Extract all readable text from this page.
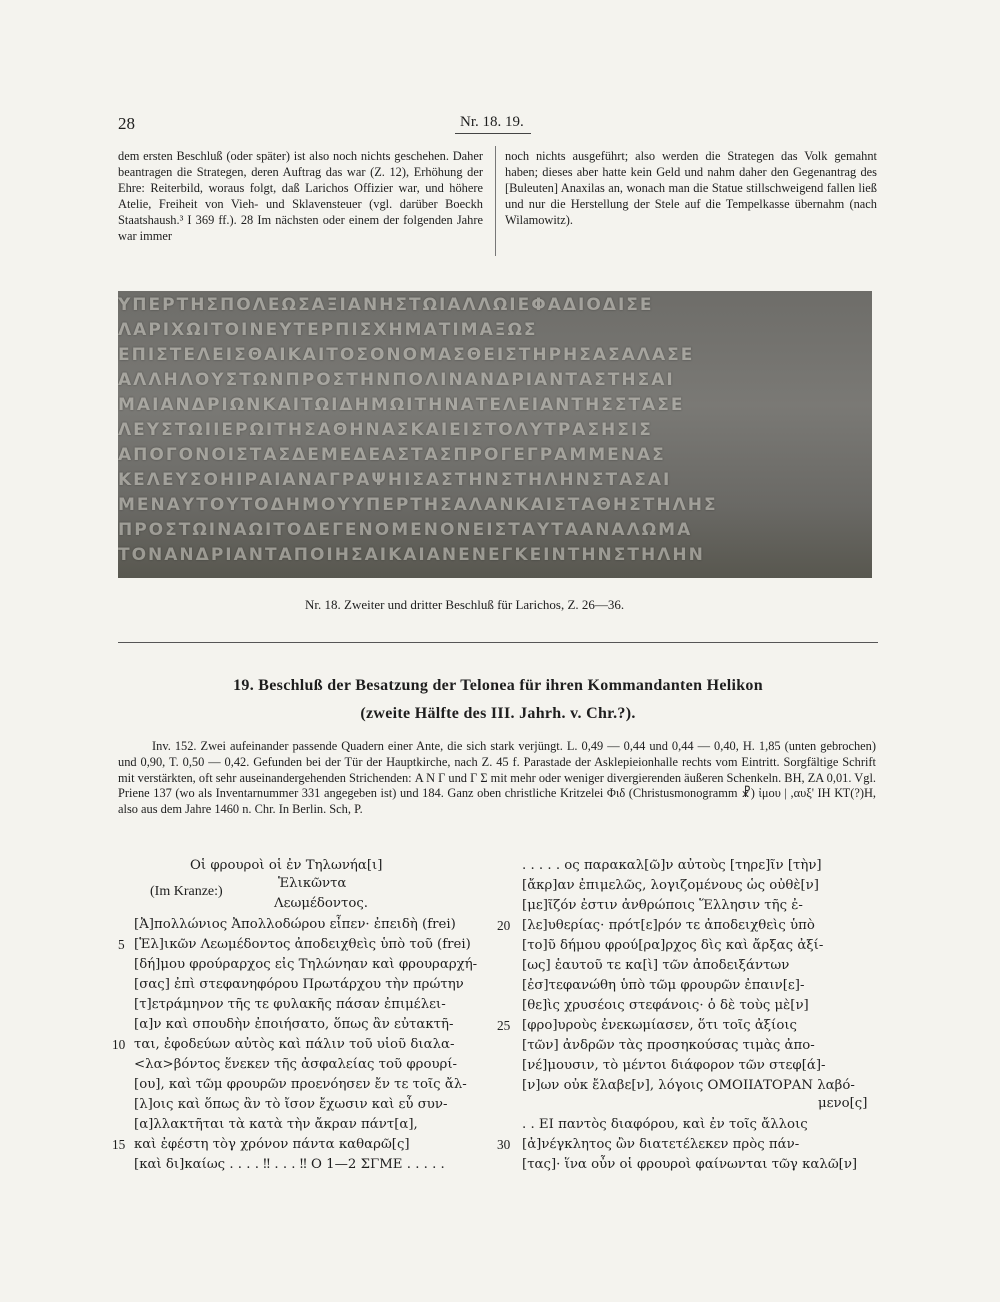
28	Nr. 18. 19.

dem ersten Beschluß (oder später) ist also noch nichts geschehen. Daher beantragen die Strategen, deren Auftrag das war (Z. 12), Erhöhung der Ehre: Reiterbild, woraus folgt, daß Larichos Offizier war, und höhere Atelie, Freiheit von Vieh- und Sklavensteuer (vgl. darüber Boeckh Staatshaush.³ I 369 ff.). 28 Im nächsten oder einem der folgenden Jahre war immer

noch nichts ausgeführt; also werden die Strategen das Volk gemahnt haben; dieses aber hatte kein Geld und nahm daher den Gegenantrag des [Buleuten] Anaxilas an, wonach man die Statue stillschweigend fallen ließ und nur die Herstellung der Stele auf die Tempelkasse übernahm (nach Wilamowitz).

ΥΠΕΡΤΗΣΠΟΛΕΩΣΑΞΙΑΝΗΣΤΩΙΑΛΛΩΙΕΦΑΔΙΟΔΙΣΕ
ΛΑΡΙΧΩΙΤΟΙΝΕΥΤΕΡΠΙΣΧΗΜΑΤΙΜΑΞΩΣ
ΕΠΙΣΤΕΛΕΙΣΘΑΙΚΑΙΤΟΣΟΝΟΜΑΣΘΕΙΣΤΗΡΗΣΑΣΑΛΑΣΕ
ΑΛΛΗΛΟΥΣΤΩΝΠΡΟΣΤΗΝΠΟΛΙΝΑΝΔΡΙΑΝΤΑΣΤΗΣΑΙ
ΜΑΙΑΝΔΡΙΩΝΚΑΙΤΩΙΔΗΜΩΙΤΗΝΑΤΕΛΕΙΑΝΤΗΣΣΤΑΣΕ
ΛΕΥΣΤΩΙΙΕΡΩΙΤΗΣΑΘΗΝΑΣΚΑΙΕΙΣΤΟΛΥΤΡΑΣΗΣΙΣ
ΑΠΟΓΟΝΟΙΣΤΑΣΔΕΜΕΔΕΑΣΤΑΣΠΡΟΓΕΓΡΑΜΜΕΝΑΣ
ΚΕΛΕΥΣΟΗΙΡΑΙΑΝΑΓΡΑΨΗΙΣΑΣΤΗΝΣΤΗΛΗΝΣΤΑΣΑΙ
ΜΕΝΑΥΤΟΥΤΟΔΗΜΟΥΥΠΕΡΤΗΣΑΛΑΝΚΑΙΣΤΑΘΗΣΤΗΛΗΣ
ΠΡΟΣΤΩΙΝΑΩΙΤΟΔΕΓΕΝΟΜΕΝΟΝΕΙΣΤΑΥΤΑΑΝΑΛΩΜΑ
ΤΟΝΑΝΔΡΙΑΝΤΑΠΟΙΗΣΑΙΚΑΙΑΝΕΝΕΓΚΕΙΝΤΗΝΣΤΗΛΗΝ
Nr. 18. Zweiter und dritter Beschluß für Larichos, Z. 26—36.
19. Beschluß der Besatzung der Telonea für ihren Kommandanten Helikon
(zweite Hälfte des III. Jahrh. v. Chr.?).

Inv. 152. Zwei aufeinander passende Quadern einer Ante, die sich stark verjüngt. L. 0,49 — 0,44 und 0,44 — 0,40, H. 1,85 (unten gebrochen) und 0,90, T. 0,50 — 0,42. Gefunden bei der Tür der Hauptkirche, nach Z. 45 f. Parastade der Asklepieionhalle rechts vom Eintritt. Sorgfältige Schrift mit verstärkten, oft sehr auseinandergehenden Strichenden: Α Ν Γ und Γ Σ mit mehr oder weniger divergierenden äußeren Schenkeln. BH, ZA 0,01. Vgl. Priene 137 (wo als Inventarnummer 331 angegeben ist) und 184. Ganz oben christliche Kritzelei Φιδ (Christusmonogramm ☧) ἰμου | ,αυξ' ΙΗ ΚΤ(?)Η, also aus dem Jahre 1460 n. Chr. In Berlin. Sch, P.

Οἱ φρουροὶ οἱ ἐν Τηλωνήα[ι]
(Im Kranze:)
Ἑλικῶντα
Λεωμέδοντος.
[Ἀ]πολλώνιος Ἀπολλοδώρου εἶπεν· ἐπειδὴ (frei)
[Ἑλ]ικῶν Λεωμέδοντος ἀποδειχθεὶς ὑπὸ τοῦ (frei)
[δή]μου φρούραρχος εἰς Τηλώνηαν καὶ φρουραρχή-
[σας] ἐπὶ στεφανηφόρου Πρωτάρχου τὴν πρώτην
[τ]ετράμηνον τῆς τε φυλακῆς πάσαν ἐπιμέλει-
[α]ν καὶ σπουδὴν ἐποιήσατο, ὅπως ἂν εὐτακτῆ-
ται, ἐφοδεύων αὐτὸς καὶ πάλιν τοῦ υἱοῦ διαλα-
<λα>βόντος ἕνεκεν τῆς ἀσφαλείας τοῦ φρουρί-
[ου], καὶ τῶμ φρουρῶν προενόησεν ἔν τε τοῖς ἄλ-
[λ]οις καὶ ὅπως ἂν τὸ ἴσον ἔχωσιν καὶ εὖ συν-
[α]λλακτῆται τὰ κατὰ τὴν ἄκραν πάντ[α],
καὶ ἐφέστη τὸγ χρόνον πάντα καθαρῶ[ς]
[καὶ δι]καίως . . . . ‼ . . . ‼ Ο 1—2 ΣΓΜΕ . . . . .
5
10
15
. . . . . ος παρακαλ[ῶ]ν αὐτοὺς [τηρε]ῖν [τὴν]
[ἄκρ]αν ἐπιμελῶς, λογιζομένους ὡς οὐθὲ[ν]
[με]ῖζόν ἐστιν ἀνθρώποις Ἕλλησιν τῆς ἐ-
[λε]υθερίας· πρότ[ε]ρόν τε ἀποδειχθεὶς ὑπὸ
[το]ῦ δήμου φρού[ρα]ρχος δὶς καὶ ἄρξας ἀξί-
[ως] ἑαυτοῦ τε κα[ὶ] τῶν ἀποδειξάντων
[ἐσ]τεφανώθη ὑπὸ τῶμ φρουρῶν ἐπαιν[ε]-
[θε]ὶς χρυσέοις στεφάνοις· ὁ δὲ τοὺς μὲ[ν]
[φρο]υροὺς ἐνεκωμίασεν, ὅτι τοῖς ἀξίοις
[τῶν] ἀνδρῶν τὰς προσηκούσας τιμὰς ἀπο-
[νέ]μουσιν, τὸ μέντοι διάφορον τῶν στεφ[ά]-
[ν]ων οὐκ ἔλαβε[ν], λόγοις ΟΜΟΙΙΑΤΟΡΑΝ λαβό-
μενο[ς]
. . ΕΙ παντὸς διαφόρου, καὶ ἐν τοῖς ἄλλοις
[ἀ]νέγκλητος ὢν διατετέλεκεν πρὸς πάν-
[τας]· ἵνα οὖν οἱ φρουροὶ φαίνωνται τῶγ καλῶ[ν]
20
25
30
